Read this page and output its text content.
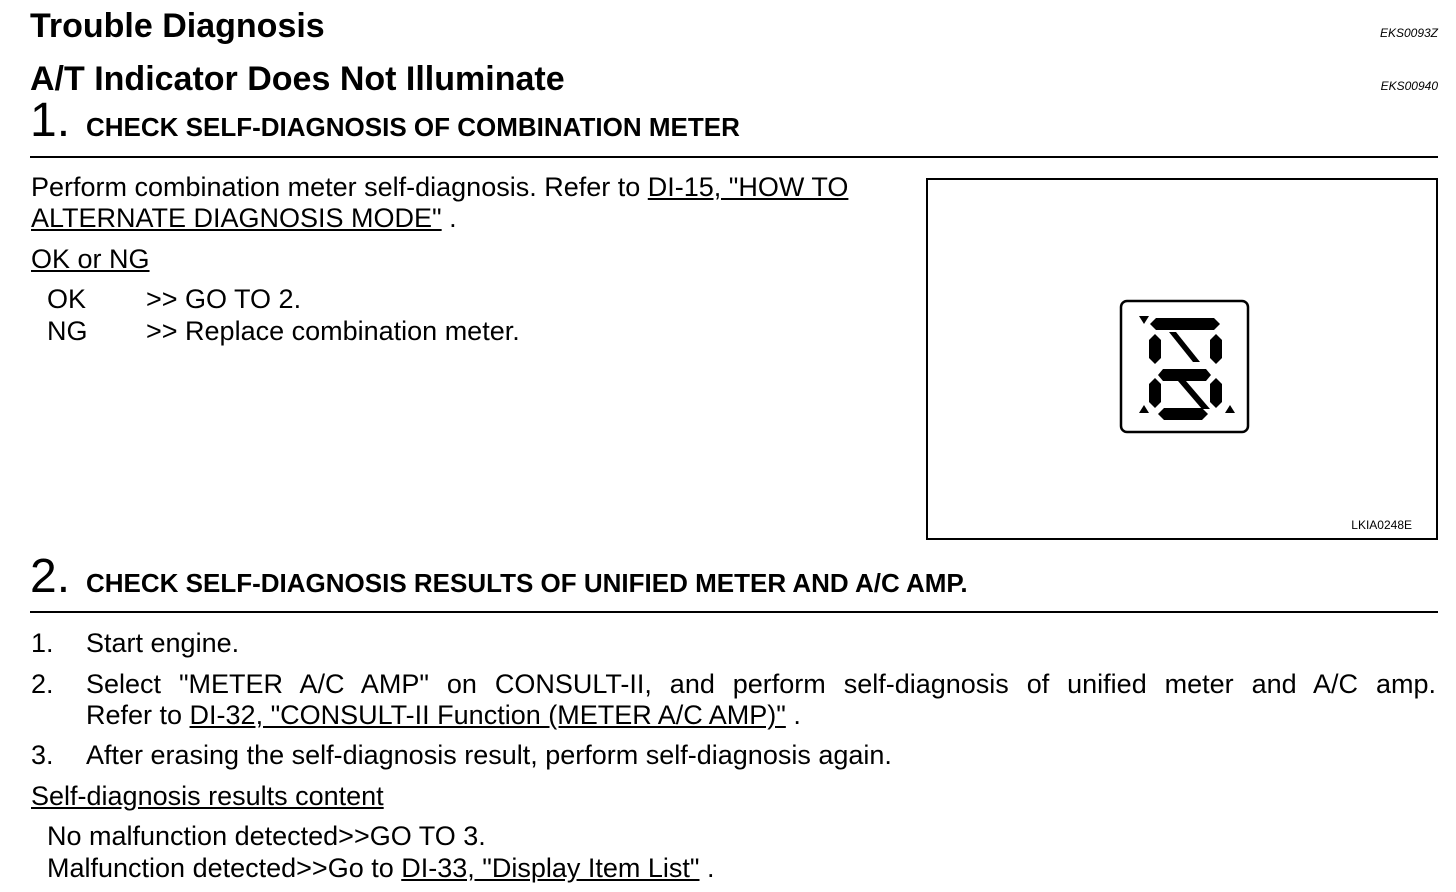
Trouble Diagnosis	EKS0093Z
A/T Indicator Does Not Illuminate	EKS00940
1. CHECK SELF-DIAGNOSIS OF COMBINATION METER
Perform combination meter self-diagnosis. Refer to DI-15, "HOW TO
ALTERNATE DIAGNOSIS MODE" .
OK or NG
OK >> GO TO 2.
NG >> Replace combination meter.
LKIA0248E
2. CHECK SELF-DIAGNOSIS RESULTS OF UNIFIED METER AND A/C AMP.
1. Start engine.
2. Select "METER A/C AMP" on CONSULT-II, and perform self-diagnosis of unified meter and A/C amp.
Refer to DI-32, "CONSULT-II Function (METER A/C AMP)" .
3. After erasing the self-diagnosis result, perform self-diagnosis again.
Self-diagnosis results content
No malfunction detected>>GO TO 3.
Malfunction detected>>Go to DI-33, "Display Item List" .
